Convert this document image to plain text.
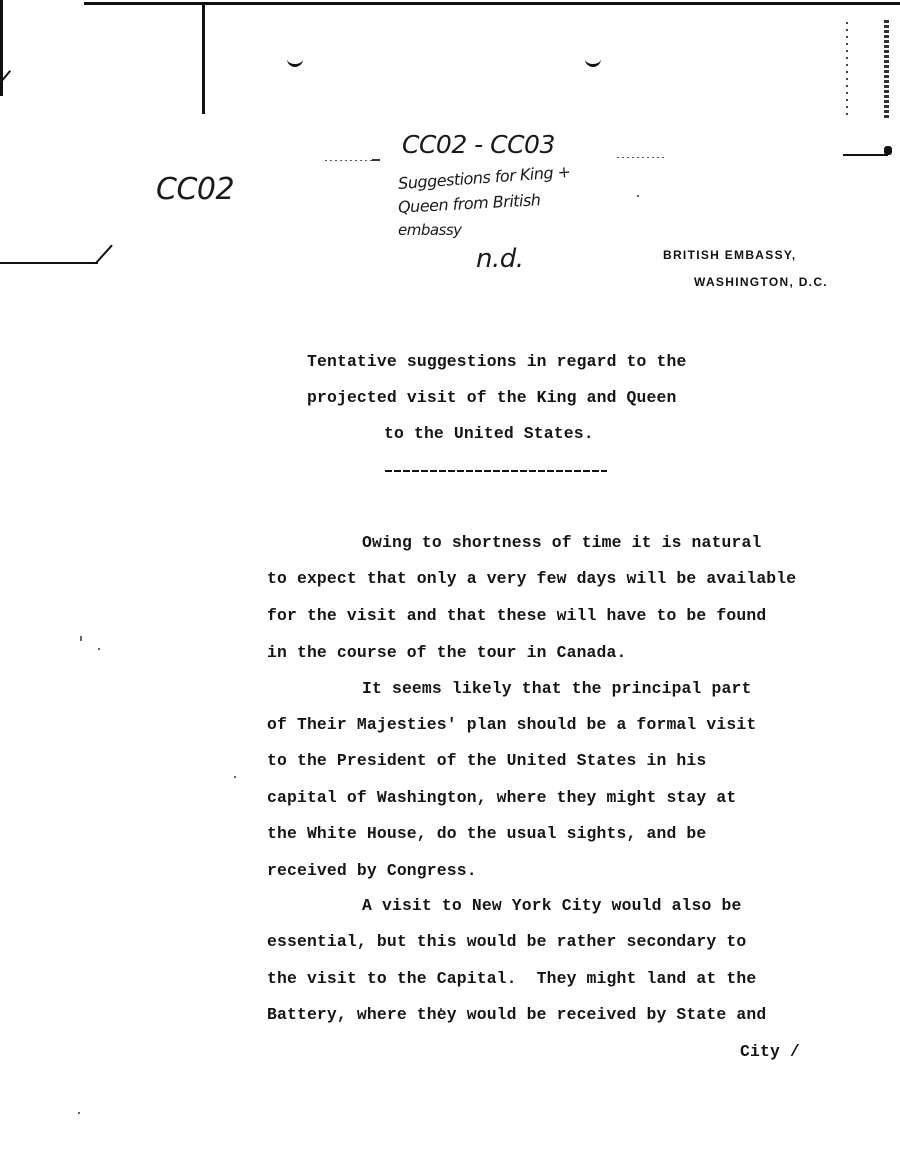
CC02
CC02 - CC03
Suggestions for King +
Queen from British
embassy
n.d.	BRITISH EMBASSY,
WASHINGTON, D.C.
Tentative suggestions in regard to the
projected visit of the King and Queen
to the United States.
Owing to shortness of time it is natural
to expect that only a very few days will be available
for the visit and that these will have to be found
in the course of the tour in Canada.
It seems likely that the principal part
of Their Majesties' plan should be a formal visit
to the President of the United States in his
capital of Washington, where they might stay at
the White House, do the usual sights, and be
received by Congress.
A visit to New York City would also be
essential, but this would be rather secondary to
the visit to the Capital.  They might land at the
Battery, where they would be received by State and
City /
